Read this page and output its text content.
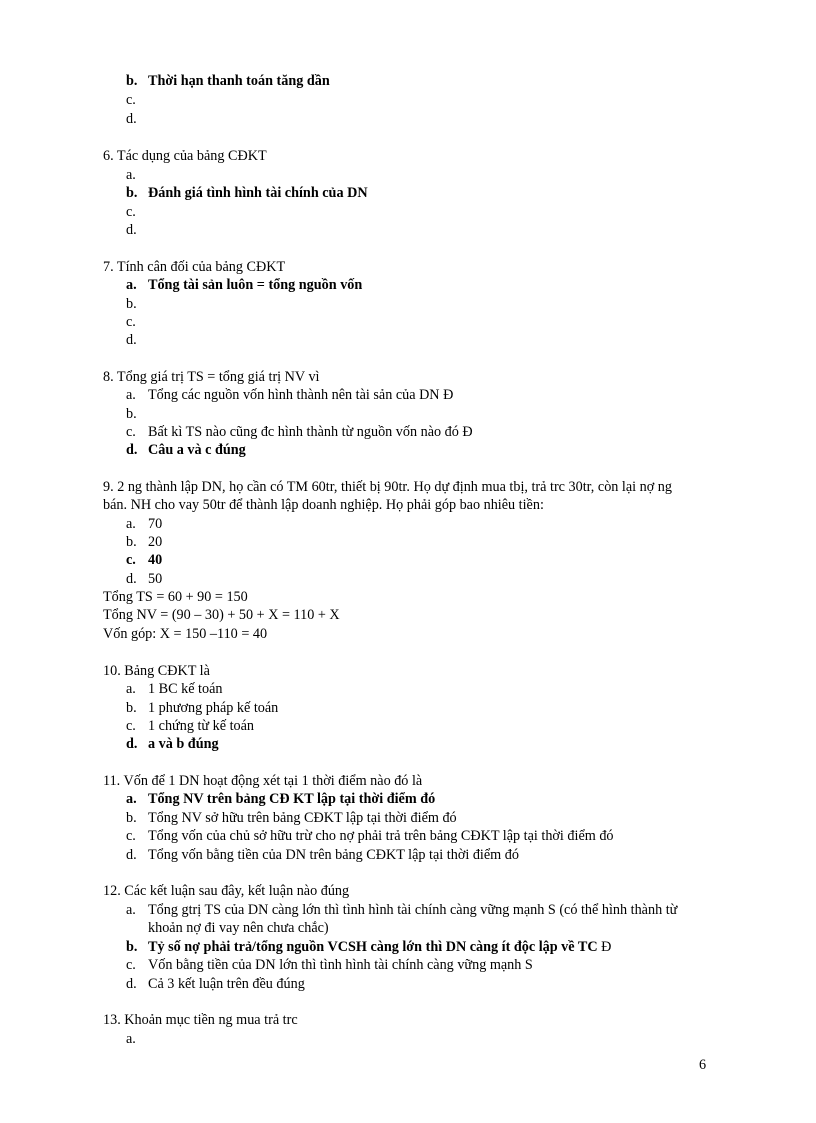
b. Thời hạn thanh toán tăng dần
c.
d.
6. Tác dụng của bảng CĐKT
a.
b. Đánh giá tình hình tài chính của DN
c.
d.
7. Tính cân đối của bảng CĐKT
a. Tổng tài sản luôn = tổng nguồn vốn
b.
c.
d.
8. Tổng giá trị TS = tổng giá trị NV vì
a. Tổng các nguồn vốn hình thành nên tài sản của DN Đ
b.
c. Bất kì TS nào cũng đc hình thành từ nguồn vốn nào đó Đ
d. Câu a và c đúng
9. 2 ng thành lập DN, họ cần có TM 60tr, thiết bị 90tr. Họ dự định mua tbị, trả trc 30tr, còn lại nợ ng
bán. NH cho vay 50tr để thành lập doanh nghiệp. Họ phải góp bao nhiêu tiền:
a. 70
b. 20
c. 40
d. 50
Tổng TS = 60 + 90 = 150
Tổng NV = (90 – 30) + 50 + X = 110 + X
Vốn góp: X = 150 –110 = 40
10. Bảng CĐKT là
a. 1 BC kế toán
b. 1 phương pháp kế toán
c. 1 chứng từ kế toán
d. a và b đúng
11. Vốn để 1 DN hoạt động xét tại 1 thời điểm nào đó là
a. Tổng NV trên bảng CĐ KT lập tại thời điểm đó
b. Tổng NV sở hữu trên bảng CĐKT lập tại thời điểm đó
c. Tổng vốn của chủ sở hữu trừ cho nợ phải trả trên bảng CĐKT lập tại thời điểm đó
d. Tổng vốn bằng tiền của DN trên bảng CĐKT lập tại thời điểm đó
12. Các kết luận sau đây, kết luận nào đúng
a. Tổng gtrị TS của DN càng lớn thì tình hình tài chính càng vững mạnh S (có thể hình thành từ
khoản nợ đi vay nên chưa chắc)
b. Tỷ số nợ phải trả/tổng nguồn VCSH càng lớn thì DN càng ít độc lập về TC Đ
c. Vốn bằng tiền của DN lớn thì tình hình tài chính càng vững mạnh S
d. Cả 3 kết luận trên đều đúng
13. Khoản mục tiền ng mua trả trc
a.
6
